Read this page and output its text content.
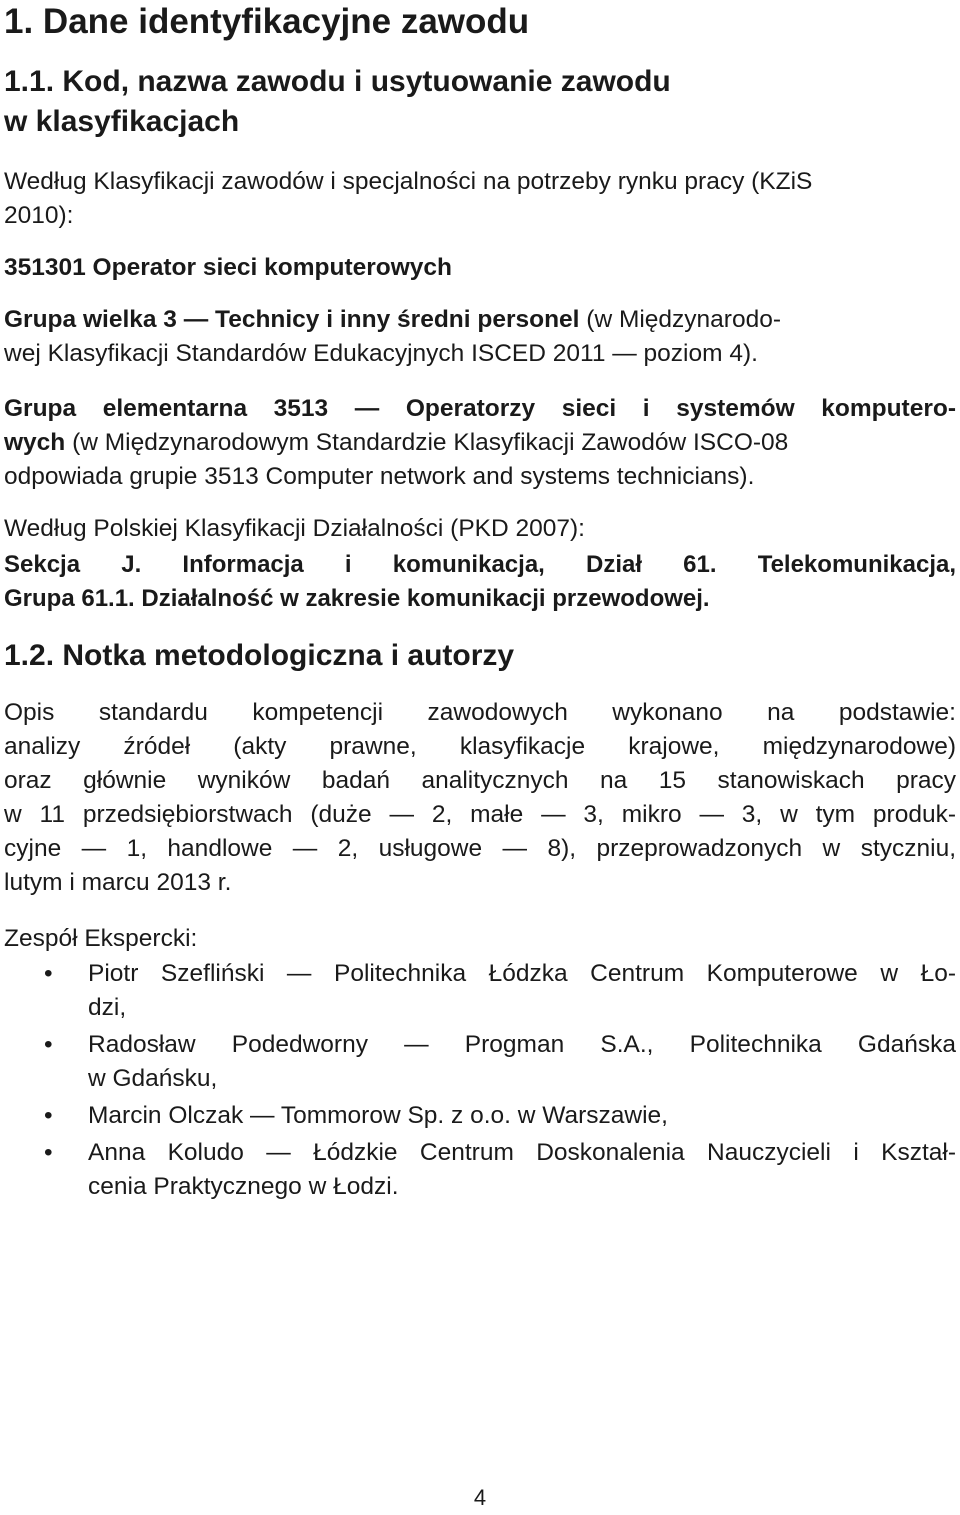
1. Dane identyfikacyjne zawodu
1.1. Kod, nazwa zawodu i usytuowanie zawodu
w klasyfikacjach
Według Klasyfikacji zawodów i specjalności na potrzeby rynku pracy (KZiS
2010):
351301 Operator sieci komputerowych
Grupa wielka 3 — Technicy i inny średni personel (w Międzynarodo-
wej Klasyfikacji Standardów Edukacyjnych ISCED 2011 — poziom 4).
Grupa elementarna 3513 — Operatorzy sieci i systemów komputero-
wych (w Międzynarodowym Standardzie Klasyfikacji Zawodów ISCO-08
odpowiada grupie 3513 Computer network and systems technicians).
Według Polskiej Klasyfikacji Działalności (PKD 2007):
Sekcja J. Informacja i komunikacja, Dział 61. Telekomunikacja,
Grupa 61.1. Działalność w zakresie komunikacji przewodowej.
1.2. Notka metodologiczna i autorzy
Opis standardu kompetencji zawodowych wykonano na podstawie:
analizy źródeł (akty prawne, klasyfikacje krajowe, międzynarodowe)
oraz głównie wyników badań analitycznych na 15 stanowiskach pracy
w 11 przedsiębiorstwach (duże — 2, małe — 3, mikro — 3, w tym produk-
cyjne — 1, handlowe — 2, usługowe — 8), przeprowadzonych w styczniu,
lutym i marcu 2013 r.
Zespół Ekspercki:
• Piotr Szefliński — Politechnika Łódzka Centrum Komputerowe w Ło-
dzi,
• Radosław Podedworny — Progman S.A., Politechnika Gdańska
w Gdańsku,
• Marcin Olczak — Tommorow Sp. z o.o. w Warszawie,
• Anna Koludo — Łódzkie Centrum Doskonalenia Nauczycieli i Kształ-
cenia Praktycznego w Łodzi.
4
